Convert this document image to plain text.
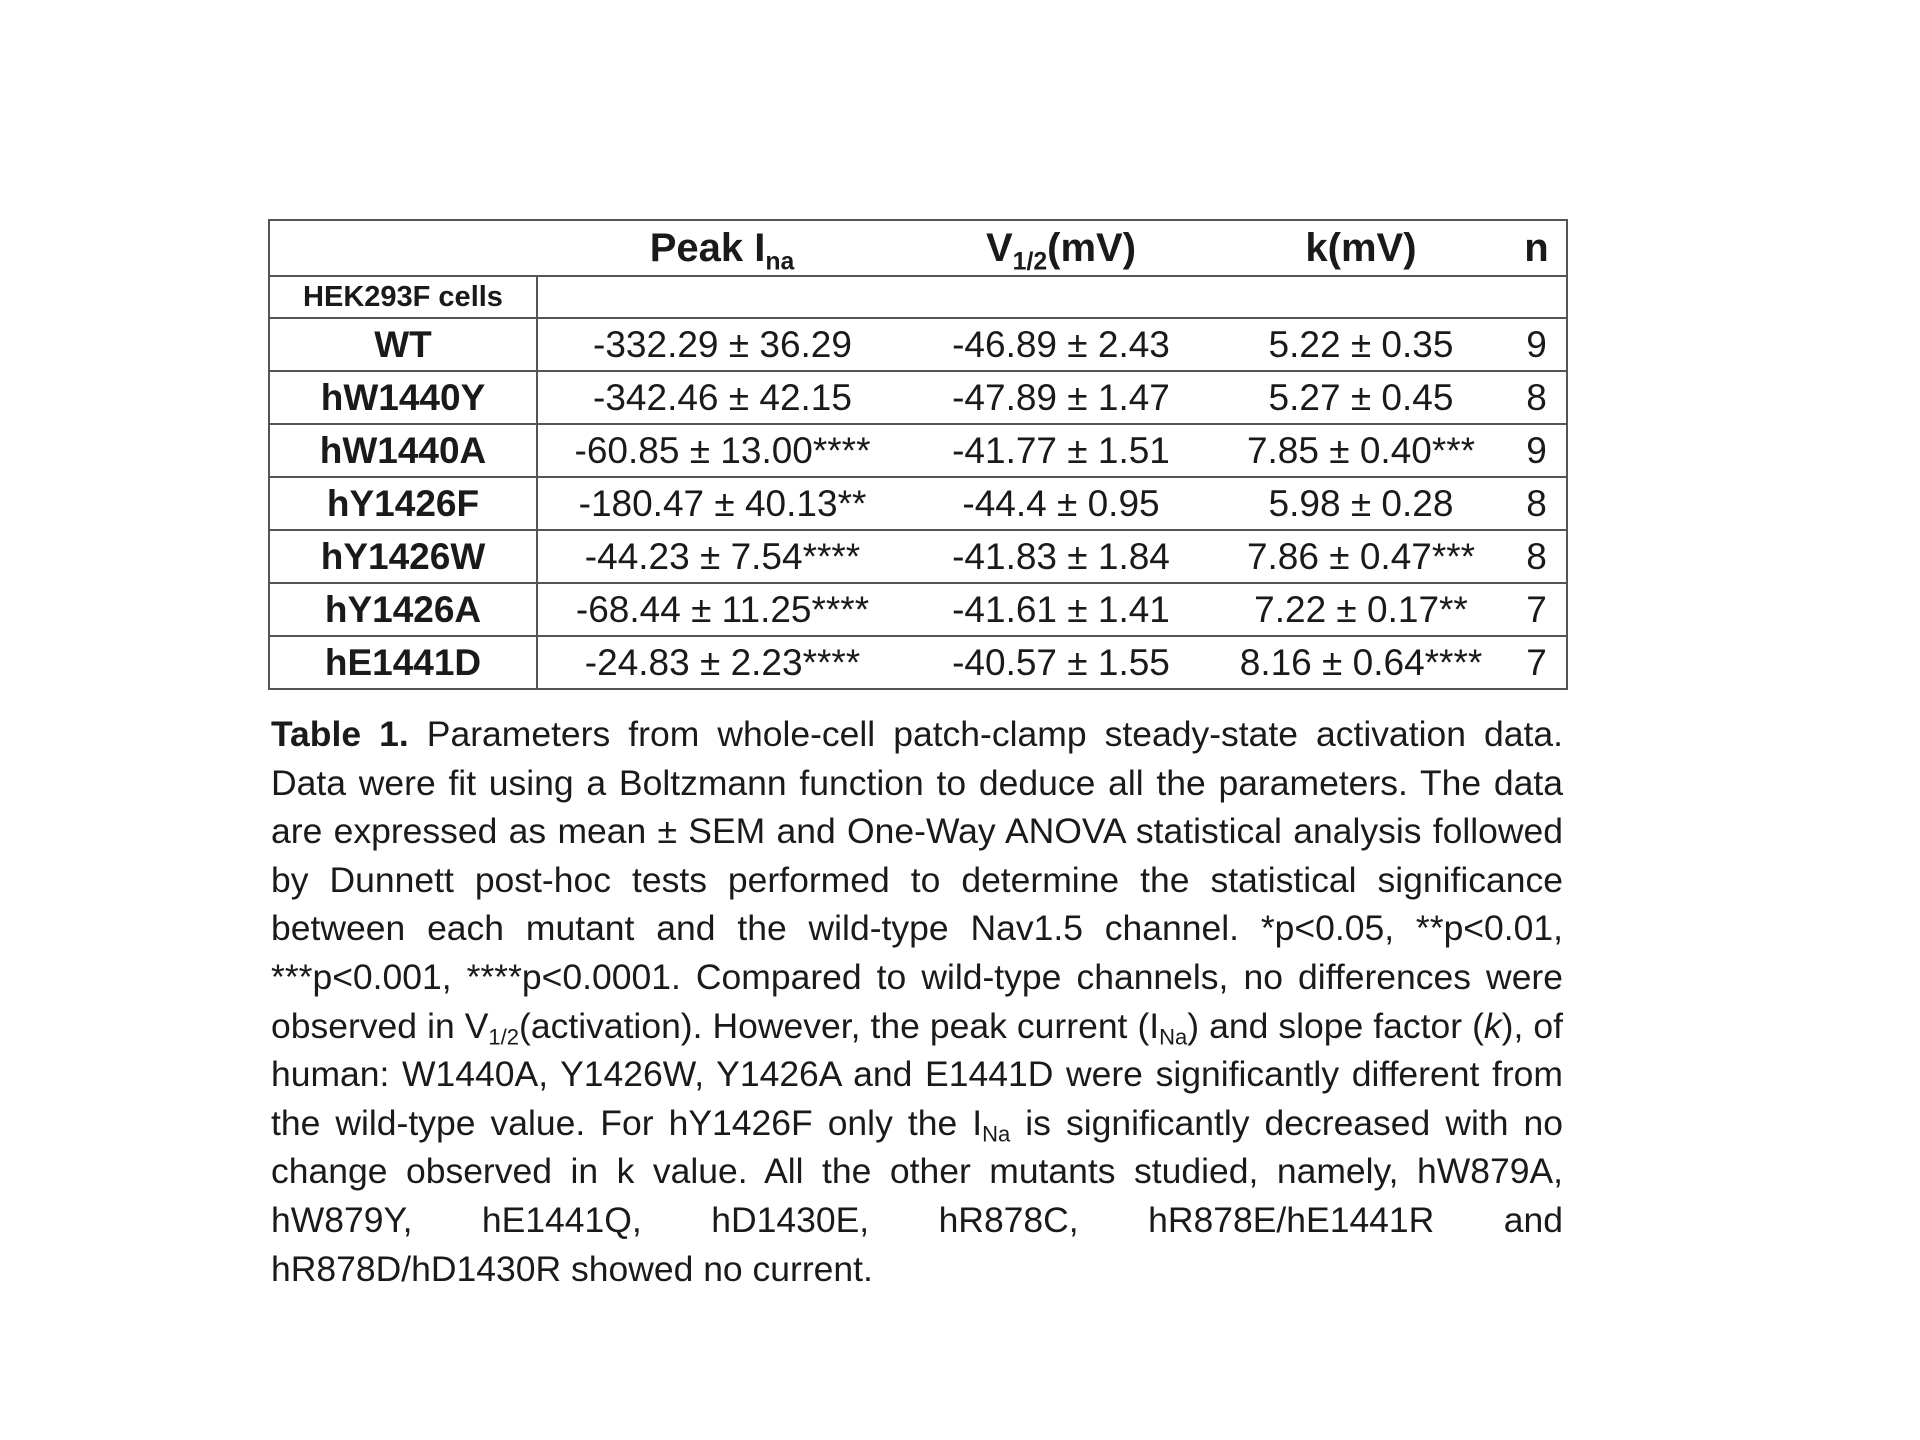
	Peak $I_{na}$	$V_{1/2}(mV)$	k(mV)	n
HEK293F cells				
WT	-332.29 ± 36.29	-46.89 ± 2.43	5.22 ± 0.35	9
hW1440Y	-342.46 ± 42.15	-47.89 ± 1.47	5.27 ± 0.45	8
hW1440A	-60.85 ± 13.00****	-41.77 ± 1.51	7.85 ± 0.40***	9
hY1426F	-180.47 ± 40.13**	-44.4 ± 0.95	5.98 ± 0.28	8
hY1426W	-44.23 ± 7.54****	-41.83 ± 1.84	7.86 ± 0.47***	8
hY1426A	-68.44 ± 11.25****	-41.61 ± 1.41	7.22 ± 0.17**	7
hE1441D	-24.83 ± 2.23****	-40.57 ± 1.55	8.16 ± 0.64****	7
Table 1. Parameters from whole-cell patch-clamp steady-state activation data. Data were fit using a Boltzmann function to deduce all the parameters. The data are expressed as mean ± SEM and One-Way ANOVA statistical analysis followed by Dunnett post-hoc tests performed to determine the statistical significance between each mutant and the wild-type Nav1.5 channel. *p<0.05, **p<0.01, ***p<0.001, ****p<0.0001. Compared to wild-type channels, no differences were observed in $V_{1/2}(activation)$. However, the peak current $(I_{Na})$ and slope factor (k), of human: W1440A, Y1426W, Y1426A and E1441D were significantly different from the wild-type value. For hY1426F only the $I_{Na}$ is significantly decreased with no change observed in k value. All the other mutants studied, namely, hW879A, hW879Y, hE1441Q, hD1430E, hR878C, hR878E/hE1441R and hR878D/hD1430R showed no current.
